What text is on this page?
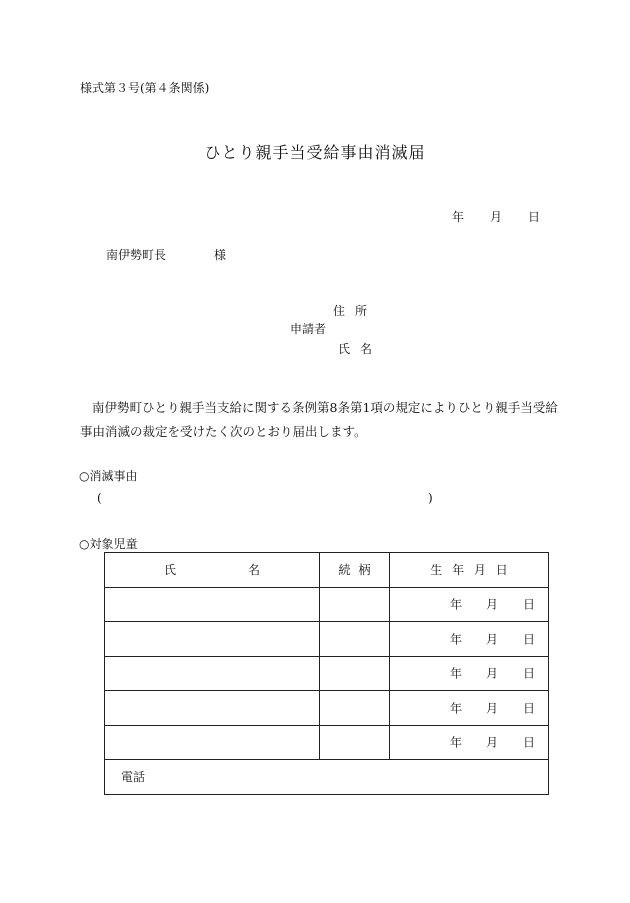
様式第３号(第４条関係)
ひとり親手当受給事由消滅届
年 月 日
南伊勢町長	様
住所
申請者
氏名
南伊勢町ひとり親手当支給に関する条例第8条第1項の規定によりひとり親手当受給事由消滅の裁定を受けたく次のとおり届出します。
○消滅事由
(	)
○対象児童
氏 名	続柄	生 年 月 日

		年 月 日

		年 月 日

		年 月 日

		年 月 日

		年 月 日

電話		
